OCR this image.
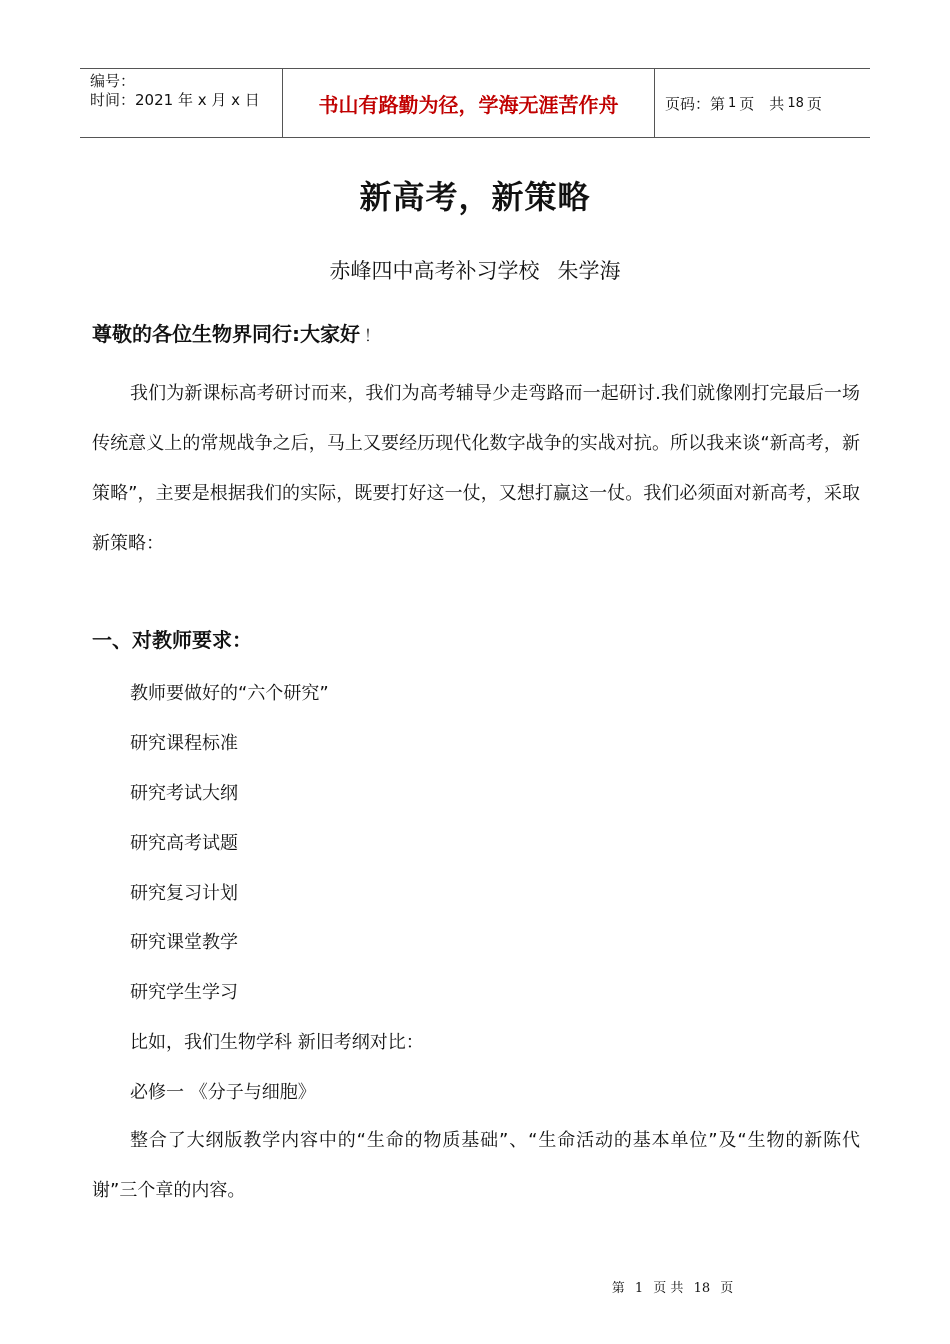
编号：
时间：2021 年 x 月 x 日	书山有路勤为径，学海无涯苦作舟	页码：第 1 页　共 18 页
新高考，新策略
赤峰四中高考补习学校 朱学海
尊敬的各位生物界同行:大家好 ！

我们为新课标高考研讨而来，我们为高考辅导少走弯路而一起研讨.我们就像刚打完最后一场传统意义上的常规战争之后，马上又要经历现代化数字战争的实战对抗。所以我来谈“新高考，新策略”，主要是根据我们的实际，既要打好这一仗，又想打赢这一仗。我们必须面对新高考，采取新策略：

一、对教师要求：
教师要做好的“六个研究”
研究课程标准
研究考试大纲
研究高考试题
研究复习计划
研究课堂教学
研究学生学习
比如，我们生物学科 新旧考纲对比：
必修一 《分子与细胞》

整合了大纲版教学内容中的“生命的物质基础”、“生命活动的基本单位”及“生物的新陈代谢”三个章的内容。

第 1 页 共 18 页
